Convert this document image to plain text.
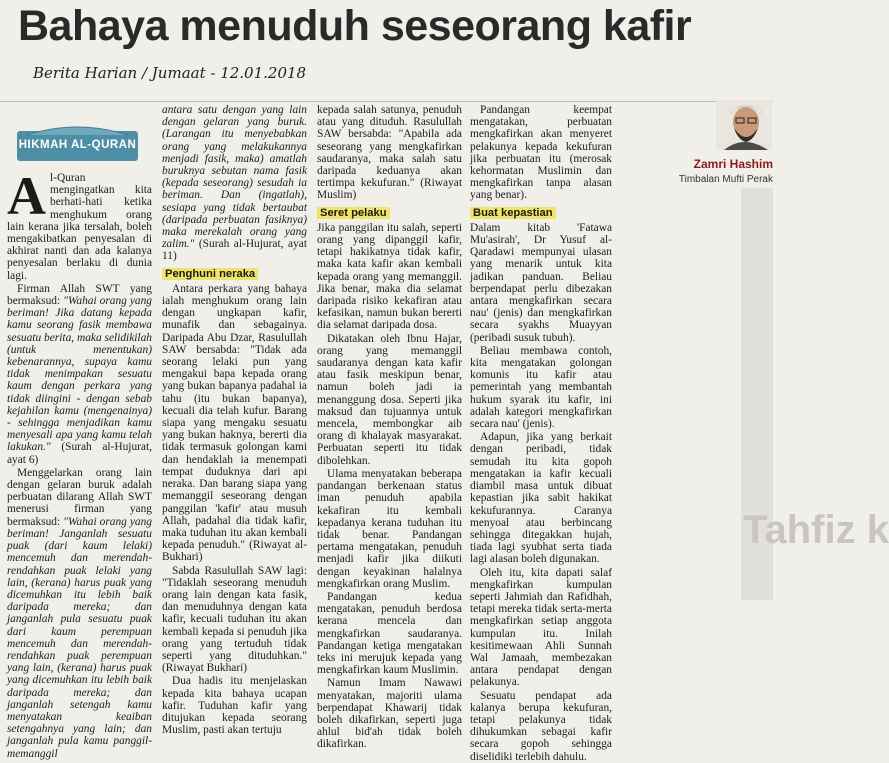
Bahaya menuduh seseorang kafir
Berita Harian / Jumaat - 12.01.2018
HIKMAH AL-QURAN

Al-Quran mengingatkan kita berhati-hati ketika menghukum orang lain kerana jika tersalah, boleh mengakibatkan penyesalan di akhirat nanti dan ada kalanya penyesalan berlaku di dunia lagi.

Firman Allah SWT yang bermaksud: "Wahai orang yang beriman! Jika datang kepada kamu seorang fasik membawa sesuatu berita, maka selidikilah (untuk menentukan) kebenarannya, supaya kamu tidak menimpakan sesuatu kaum dengan perkara yang tidak diingini - dengan sebab kejahilan kamu (mengenainya) - sehingga menjadikan kamu menyesali apa yang kamu telah lakukan." (Surah al-Hujurat, ayat 6)

Menggelarkan orang lain dengan gelaran buruk adalah perbuatan dilarang Allah SWT menerusi firman yang bermaksud: "Wahai orang yang beriman! Janganlah sesuatu puak (dari kaum lelaki) mencemuh dan merendah-rendahkan puak lelaki yang lain, (kerana) harus puak yang dicemuhkan itu lebih baik daripada mereka; dan janganlah pula sesuatu puak dari kaum perempuan mencemuh dan merendah-rendahkan puak perempuan yang lain, (kerana) harus puak yang dicemuhkan itu lebih baik daripada mereka; dan janganlah setengah kamu menyatakan keaiban setengahnya yang lain; dan janganlah pula kamu panggil-memanggil

antara satu dengan yang lain dengan gelaran yang buruk. (Larangan itu menyebabkan orang yang melakukannya menjadi fasik, maka) amatlah buruknya sebutan nama fasik (kepada seseorang) sesudah ia beriman. Dan (ingatlah), sesiapa yang tidak bertaubat (daripada perbuatan fasiknya) maka merekalah orang yang zalim." (Surah al-Hujurat, ayat 11)

Penghuni neraka

Antara perkara yang bahaya ialah menghukum orang lain dengan ungkapan kafir, munafik dan sebagainya. Daripada Abu Dzar, Rasulullah SAW bersabda: "Tidak ada seorang lelaki pun yang mengakui bapa kepada orang yang bukan bapanya padahal ia tahu (itu bukan bapanya), kecuali dia telah kufur. Barang siapa yang mengaku sesuatu yang bukan haknya, bererti dia tidak termasuk golongan kami dan hendaklah ia menempati tempat duduknya dari api neraka. Dan barang siapa yang memanggil seseorang dengan panggilan 'kafir' atau musuh Allah, padahal dia tidak kafir, maka tuduhan itu akan kembali kepada penuduh." (Riwayat al-Bukhari)

Sabda Rasulullah SAW lagi: "Tidaklah seseorang menuduh orang lain dengan kata fasik, dan menuduhnya dengan kata kafir, kecuali tuduhan itu akan kembali kepada si penuduh jika orang yang tertuduh tidak seperti yang dituduhkan." (Riwayat Bukhari)

Dua hadis itu menjelaskan kepada kita bahaya ucapan kafir. Tuduhan kafir yang ditujukan kepada seorang Muslim, pasti akan tertuju

kepada salah satunya, penuduh atau yang dituduh. Rasulullah SAW bersabda: "Apabila ada seseorang yang mengkafirkan saudaranya, maka salah satu daripada keduanya akan tertimpa kekufuran." (Riwayat Muslim)

Seret pelaku

Jika panggilan itu salah, seperti orang yang dipanggil kafir, tetapi hakikatnya tidak kafir, maka kata kafir akan kembali kepada orang yang memanggil. Jika benar, maka dia selamat daripada risiko kekafiran atau kefasikan, namun bukan bererti dia selamat daripada dosa.

Dikatakan oleh Ibnu Hajar, orang yang memanggil saudaranya dengan kata kafir atau fasik meskipun benar, namun boleh jadi ia menanggung dosa. Seperti jika maksud dan tujuannya untuk mencela, membongkar aib orang di khalayak masyarakat. Perbuatan seperti itu tidak dibolehkan.

Ulama menyatakan beberapa pandangan berkenaan status iman penuduh apabila kekafiran itu kembali kepadanya kerana tuduhan itu tidak benar. Pandangan pertama mengatakan, penuduh menjadi kafir jika diikuti dengan keyakinan halalnya mengkafirkan orang Muslim.

Pandangan kedua mengatakan, penuduh berdosa kerana mencela dan mengkafirkan saudaranya. Pandangan ketiga mengatakan teks ini merujuk kepada yang mengkafirkan kaum Muslimin.

Namun Imam Nawawi menyatakan, majoriti ulama berpendapat Khawarij tidak boleh dikafirkan, seperti juga ahlul bid'ah tidak boleh dikafirkan.

Pandangan keempat mengatakan, perbuatan mengkafirkan akan menyeret pelakunya kepada kekufuran jika perbuatan itu (merosak kehormatan Muslimin dan mengkafirkan tanpa alasan yang benar).

Buat kepastian

Dalam kitab 'Fatawa Mu'asirah', Dr Yusuf al-Qaradawi mempunyai ulasan yang menarik untuk kita jadikan panduan. Beliau berpendapat perlu dibezakan antara mengkafirkan secara nau' (jenis) dan mengkafirkan secara syakhs Muayyan (peribadi susuk tubuh).

Beliau membawa contoh, kita mengatakan golongan komunis itu kafir atau pemerintah yang membantah hukum syarak itu kafir, ini adalah kategori mengkafirkan secara nau' (jenis).

Adapun, jika yang berkait dengan peribadi, tidak semudah itu kita gopoh mengatakan ia kafir kecuali diambil masa untuk dibuat kepastian jika sabit hakikat kekufurannya. Caranya menyoal atau berbincang sehingga ditegakkan hujah, tiada lagi syubhat serta tiada lagi alasan boleh digunakan.

Oleh itu, kita dapati salaf mengkafirkan kumpulan seperti Jahmiah dan Rafidhah, tetapi mereka tidak serta-merta mengkafirkan setiap anggota kumpulan itu. Inilah kesitimewaan Ahli Sunnah Wal Jamaah, membezakan antara pendapat dengan pelakunya.

Sesuatu pendapat ada kalanya berupa kekufuran, tetapi pelakunya tidak dihukumkan sebagai kafir secara gopoh sehingga diselidiki terlebih dahulu.

Zamri Hashim
Timbalan Mufti Perak
Tahfiz k
